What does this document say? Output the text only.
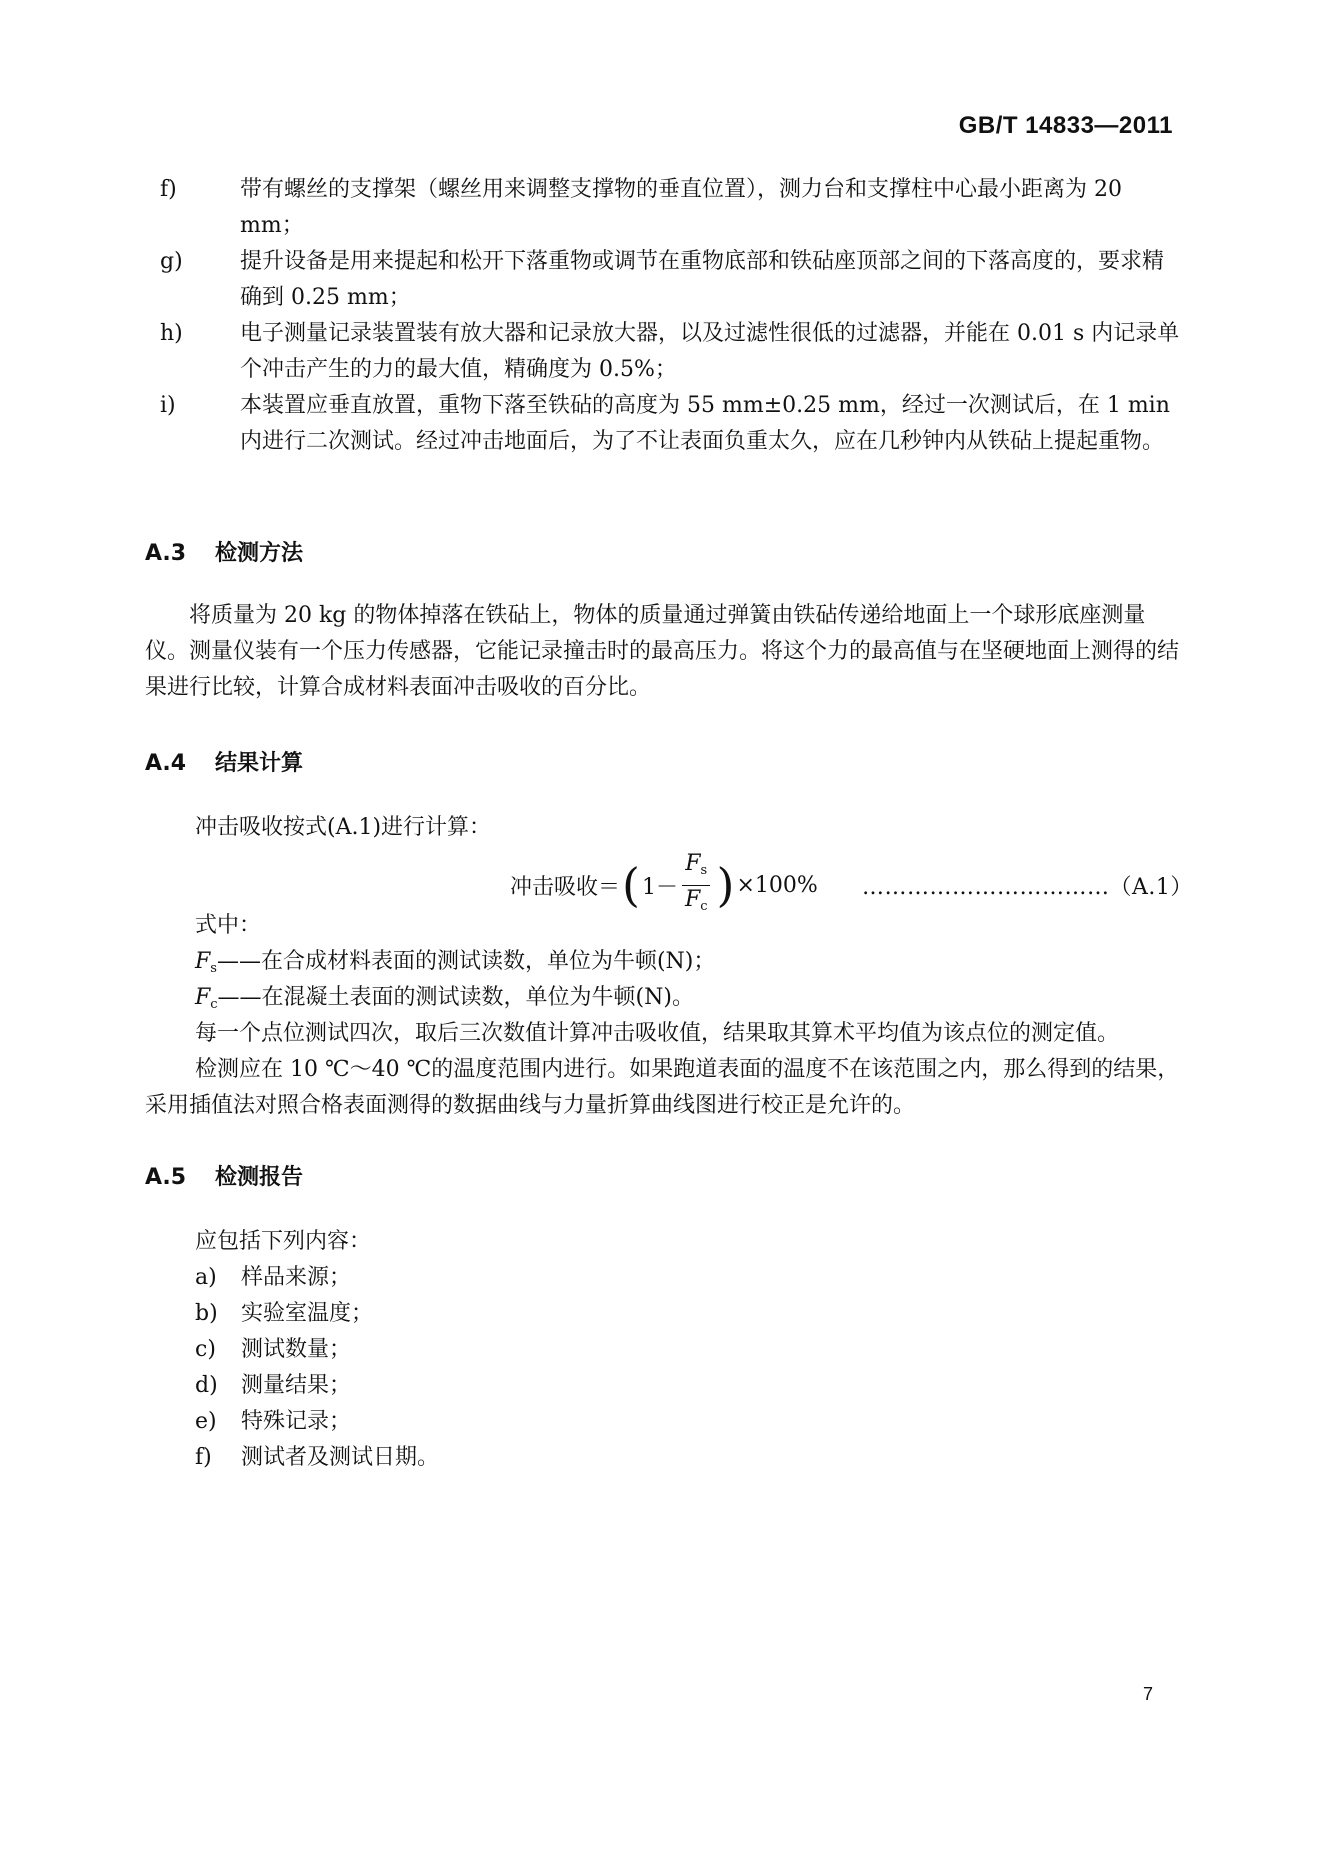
GB/T 14833—2011
f)	带有螺丝的支撑架（螺丝用来调整支撑物的垂直位置），测力台和支撑柱中心最小距离为 20 mm；
g)	提升设备是用来提起和松开下落重物或调节在重物底部和铁砧座顶部之间的下落高度的，要求精确到 0.25 mm；
h)	电子测量记录装置装有放大器和记录放大器，以及过滤性很低的过滤器，并能在 0.01 s 内记录单个冲击产生的力的最大值，精确度为 0.5%；
i)	本装置应垂直放置，重物下落至铁砧的高度为 55 mm±0.25 mm，经过一次测试后，在 1 min 内进行二次测试。经过冲击地面后，为了不让表面负重太久，应在几秒钟内从铁砧上提起重物。
A.3 检测方法
将质量为 20 kg 的物体掉落在铁砧上，物体的质量通过弹簧由铁砧传递给地面上一个球形底座测量仪。测量仪装有一个压力传感器，它能记录撞击时的最高压力。将这个力的最高值与在坚硬地面上测得的结果进行比较，计算合成材料表面冲击吸收的百分比。
A.4 结果计算
冲击吸收按式(A.1)进行计算：
冲击吸收＝ ( $1- \frac{F_s}{F_c}$ ) ×100% ……………………………（A.1）
式中：
$F_s——$在合成材料表面的测试读数，单位为牛顿(N)；
$F_c——$在混凝土表面的测试读数，单位为牛顿(N)。
每一个点位测试四次，取后三次数值计算冲击吸收值，结果取其算术平均值为该点位的测定值。
检测应在 10 ℃～40 ℃的温度范围内进行。如果跑道表面的温度不在该范围之内，那么得到的结果，采用插值法对照合格表面测得的数据曲线与力量折算曲线图进行校正是允许的。
A.5 检测报告
应包括下列内容：
a)	样品来源；
b)	实验室温度；
c)	测试数量；
d)	测量结果；
e)	特殊记录；
f)	测试者及测试日期。
7
